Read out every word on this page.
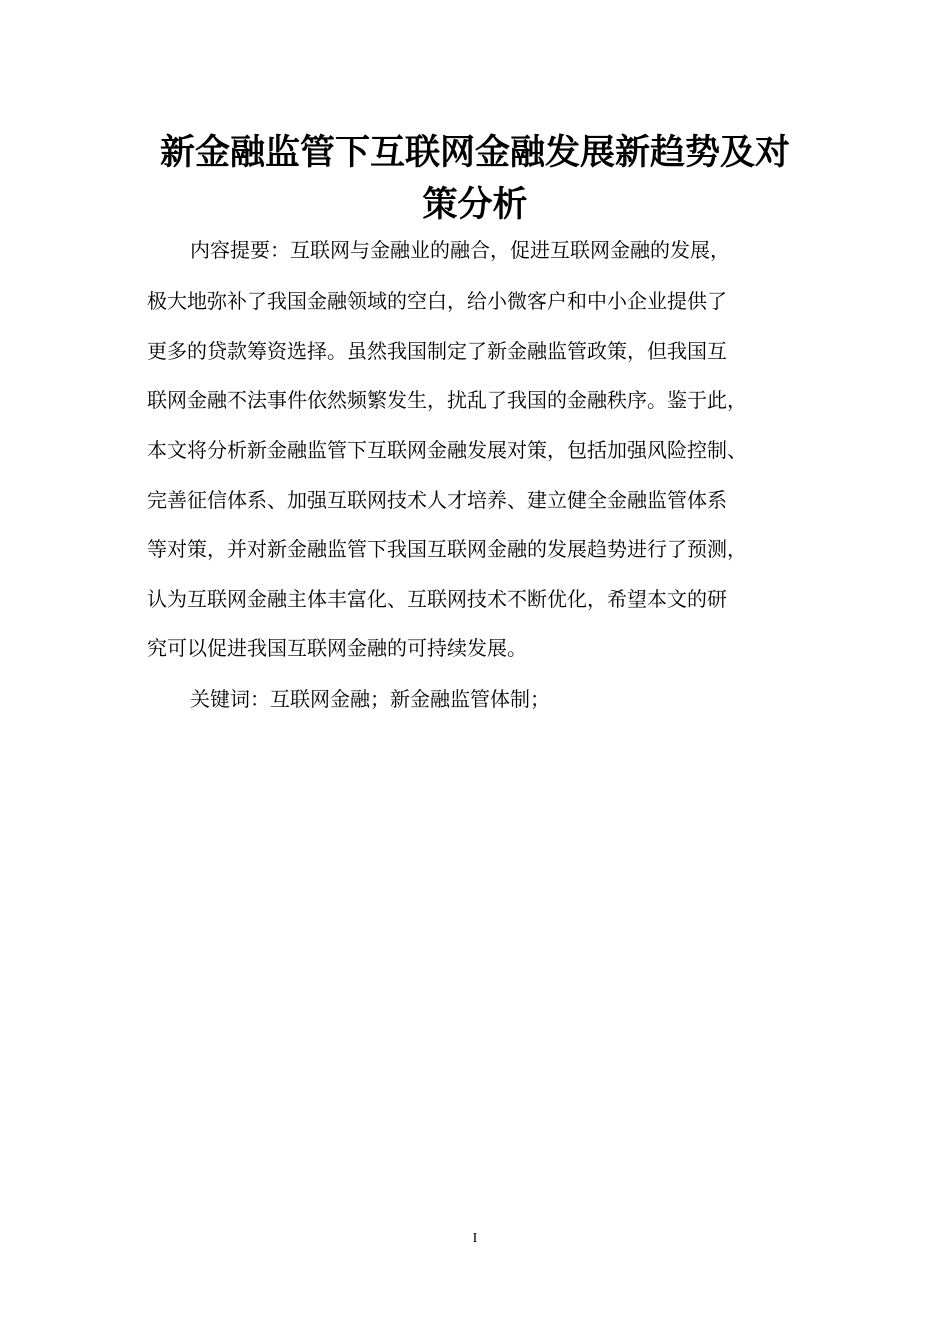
新金融监管下互联网金融发展新趋势及对
策分析

内容提要：互联网与金融业的融合，促进互联网金融的发展，

极大地弥补了我国金融领域的空白，给小微客户和中小企业提供了

更多的贷款筹资选择。虽然我国制定了新金融监管政策，但我国互

联网金融不法事件依然频繁发生，扰乱了我国的金融秩序。鉴于此，

本文将分析新金融监管下互联网金融发展对策，包括加强风险控制、

完善征信体系、加强互联网技术人才培养、建立健全金融监管体系

等对策，并对新金融监管下我国互联网金融的发展趋势进行了预测，

认为互联网金融主体丰富化、互联网技术不断优化，希望本文的研

究可以促进我国互联网金融的可持续发展。

关键词：互联网金融；新金融监管体制；

I
